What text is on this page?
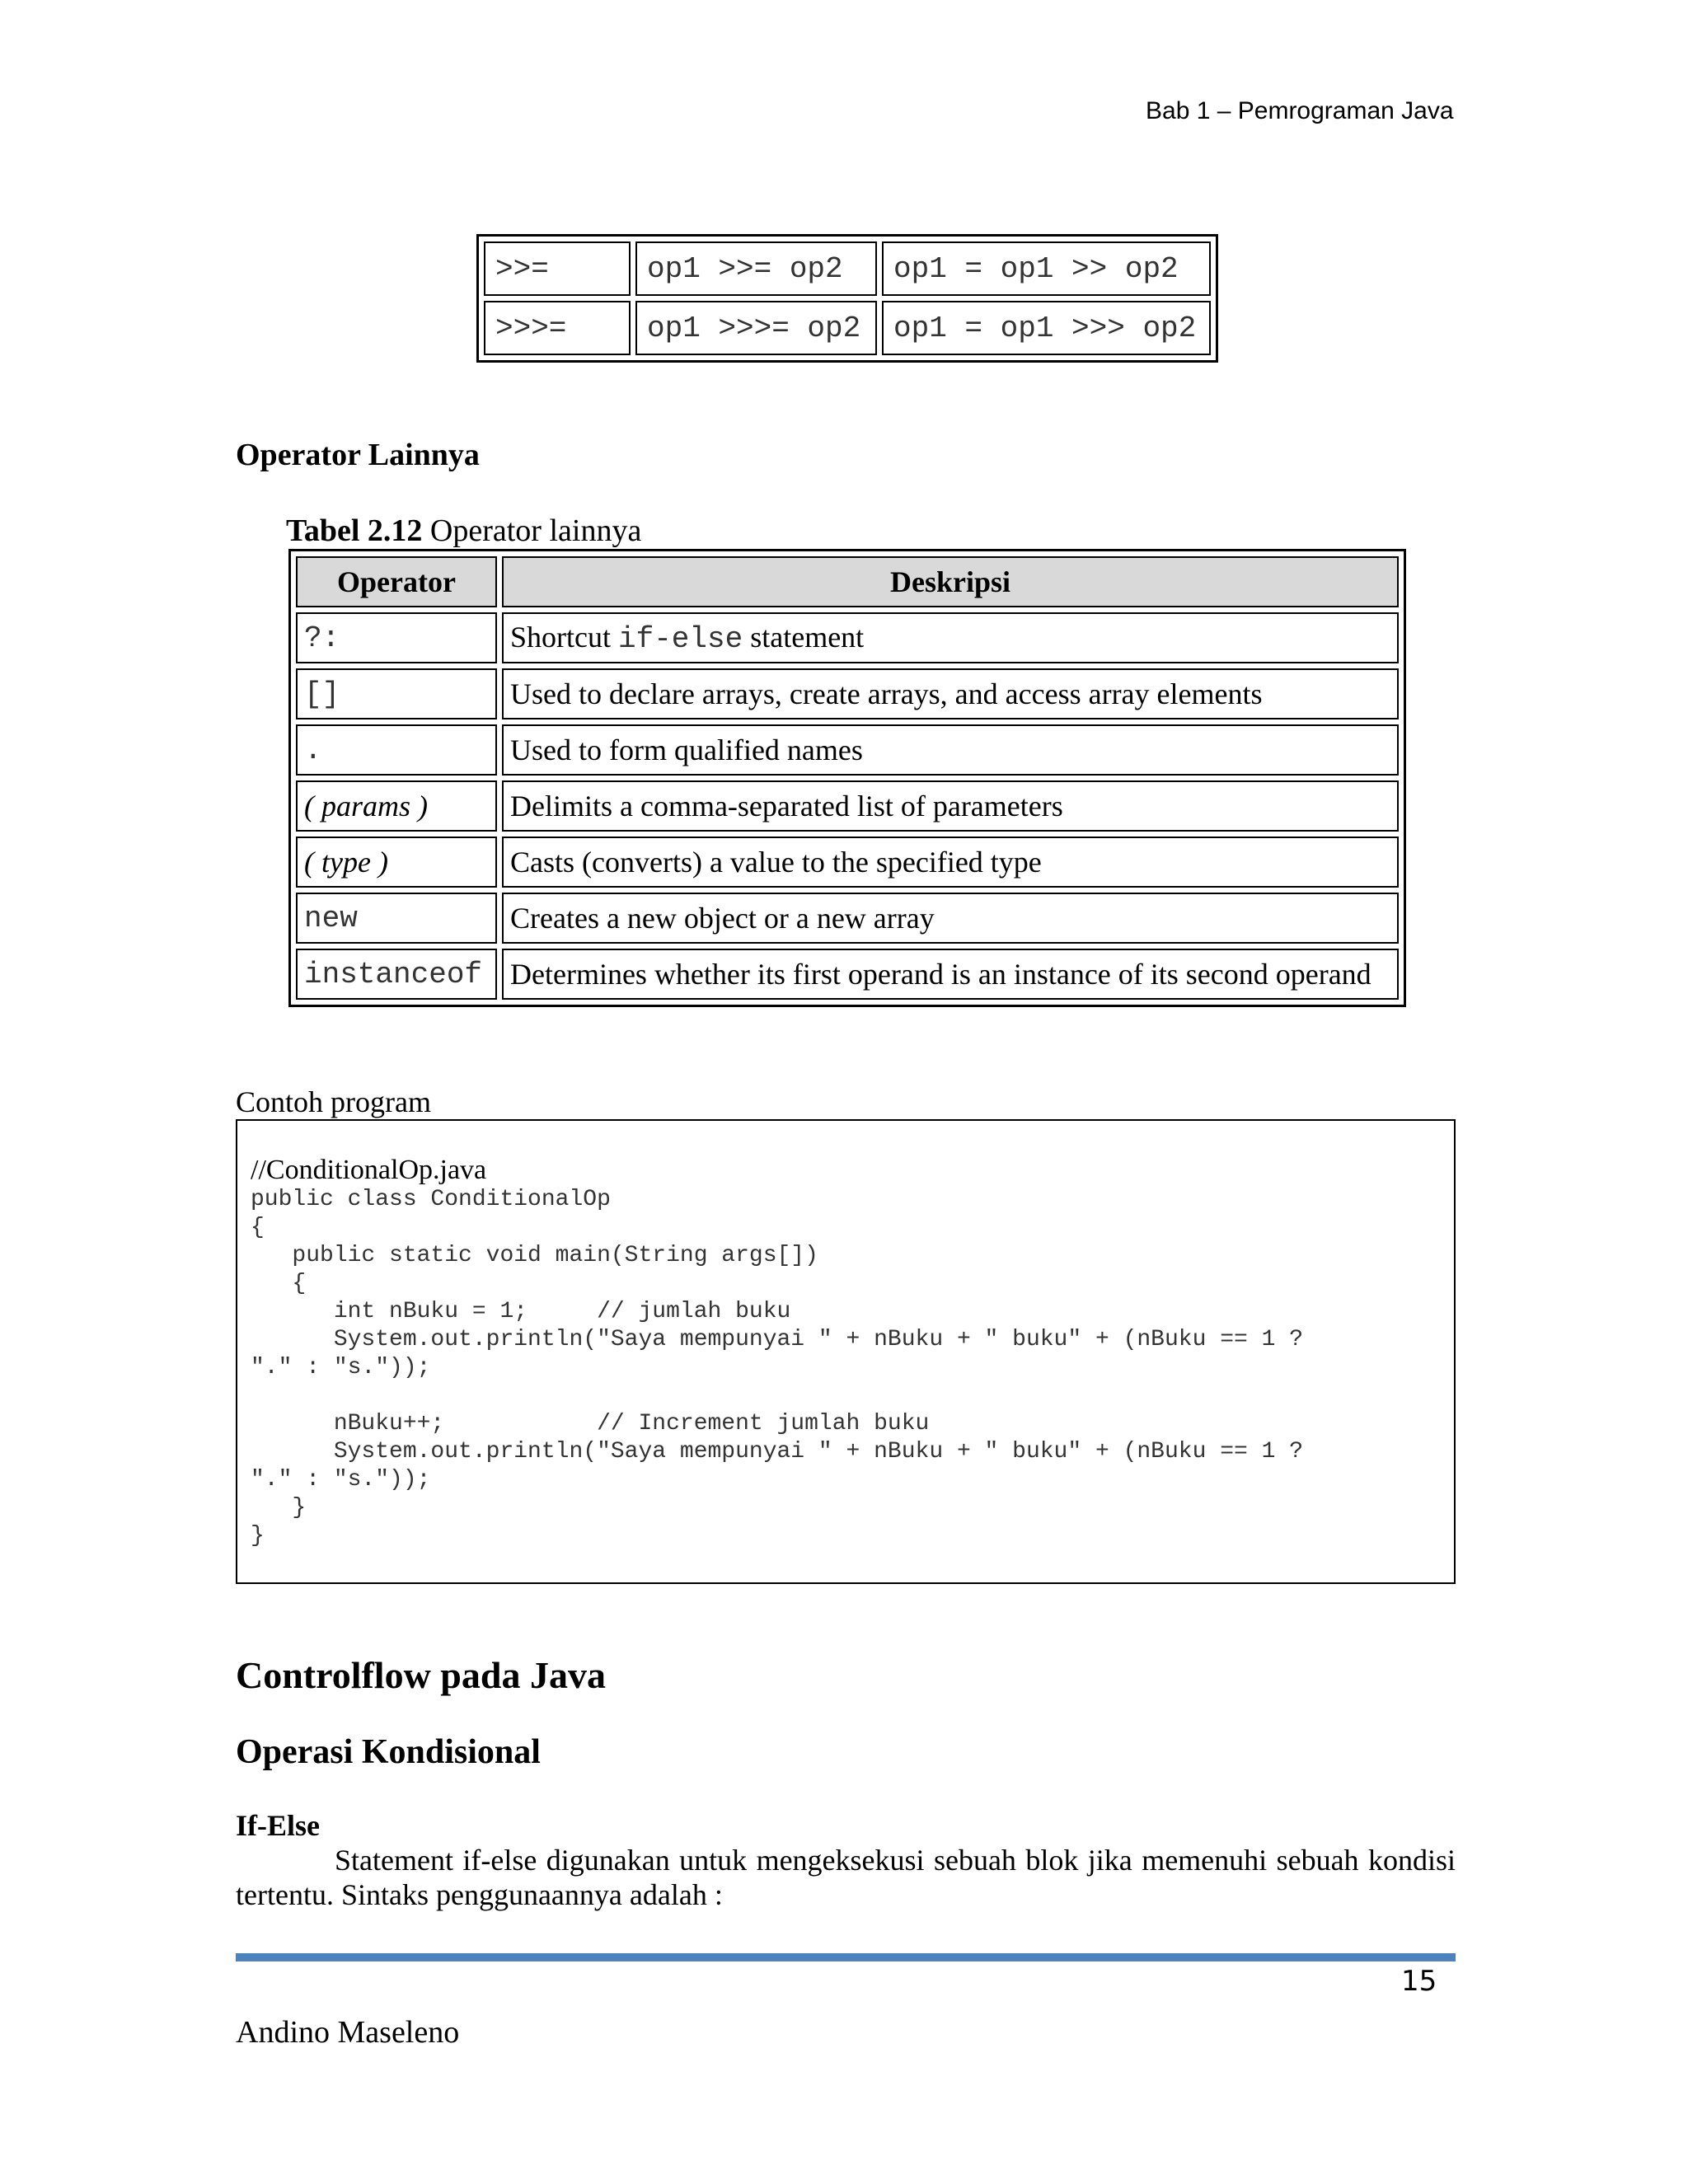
Bab 1 – Pemrograman Java
>>=	op1 >>= op2	op1 = op1 >> op2
>>>=	op1 >>>= op2	op1 = op1 >>> op2
Operator Lainnya
Tabel 2.12 Operator lainnya
Operator	Deskripsi
?:	Shortcut if-else statement
[]	Used to declare arrays, create arrays, and access array elements
.	Used to form qualified names
( params )	Delimits a comma-separated list of parameters
( type )	Casts (converts) a value to the specified type
new	Creates a new object or a new array
instanceof	Determines whether its first operand is an instance of its second operand
Contoh program
//ConditionalOp.java
public class ConditionalOp
{
public static void main(String args[])
{
int nBuku = 1;     // jumlah buku
System.out.println("Saya mempunyai " + nBuku + " buku" + (nBuku == 1 ?
"." : "s."));

nBuku++;           // Increment jumlah buku
System.out.println("Saya mempunyai " + nBuku + " buku" + (nBuku == 1 ?
"." : "s."));
}
}
Controlflow pada Java
Operasi Kondisional
If-Else
Statement if-else digunakan untuk mengeksekusi sebuah blok jika memenuhi sebuah kondisi tertentu. Sintaks penggunaannya adalah :
15
Andino Maseleno
